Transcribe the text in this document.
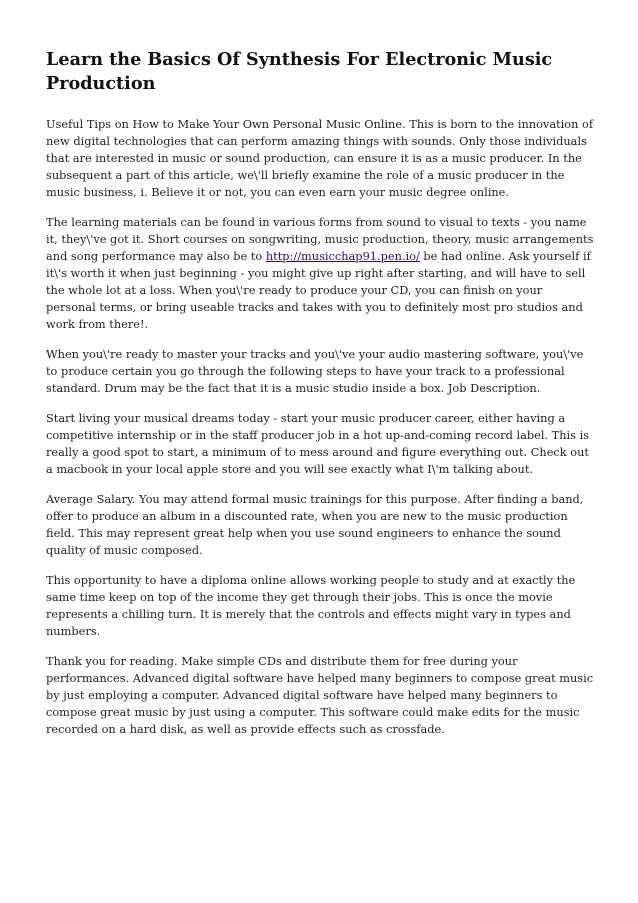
Learn the Basics Of Synthesis For Electronic Music Production

Useful Tips on How to Make Your Own Personal Music Online. This is born to the innovation of new digital technologies that can perform amazing things with sounds. Only those individuals that are interested in music or sound production, can ensure it is as a music producer. In the subsequent a part of this article, we\'ll briefly examine the role of a music producer in the music business, i. Believe it or not, you can even earn your music degree online.

The learning materials can be found in various forms from sound to visual to texts - you name it, they\'ve got it. Short courses on songwriting, music production, theory, music arrangements and song performance may also be to http://musicchap91.pen.io/ be had online. Ask yourself if it\'s worth it when just beginning - you might give up right after starting, and will have to sell the whole lot at a loss. When you\'re ready to produce your CD, you can finish on your personal terms, or bring useable tracks and takes with you to definitely most pro studios and work from there!.

When you\'re ready to master your tracks and you\'ve your audio mastering software, you\'ve to produce certain you go through the following steps to have your track to a professional standard. Drum may be the fact that it is a music studio inside a box. Job Description.

Start living your musical dreams today - start your music producer career, either having a competitive internship or in the staff producer job in a hot up-and-coming record label. This is really a good spot to start, a minimum of to mess around and figure everything out. Check out a macbook in your local apple store and you will see exactly what I\'m talking about.

Average Salary. You may attend formal music trainings for this purpose. After finding a band, offer to produce an album in a discounted rate, when you are new to the music production field. This may represent great help when you use sound engineers to enhance the sound quality of music composed.

This opportunity to have a diploma online allows working people to study and at exactly the same time keep on top of the income they get through their jobs. This is once the movie represents a chilling turn. It is merely that the controls and effects might vary in types and numbers.

Thank you for reading. Make simple CDs and distribute them for free during your performances. Advanced digital software have helped many beginners to compose great music by just employing a computer. Advanced digital software have helped many beginners to compose great music by just using a computer. This software could make edits for the music recorded on a hard disk, as well as provide effects such as crossfade.
